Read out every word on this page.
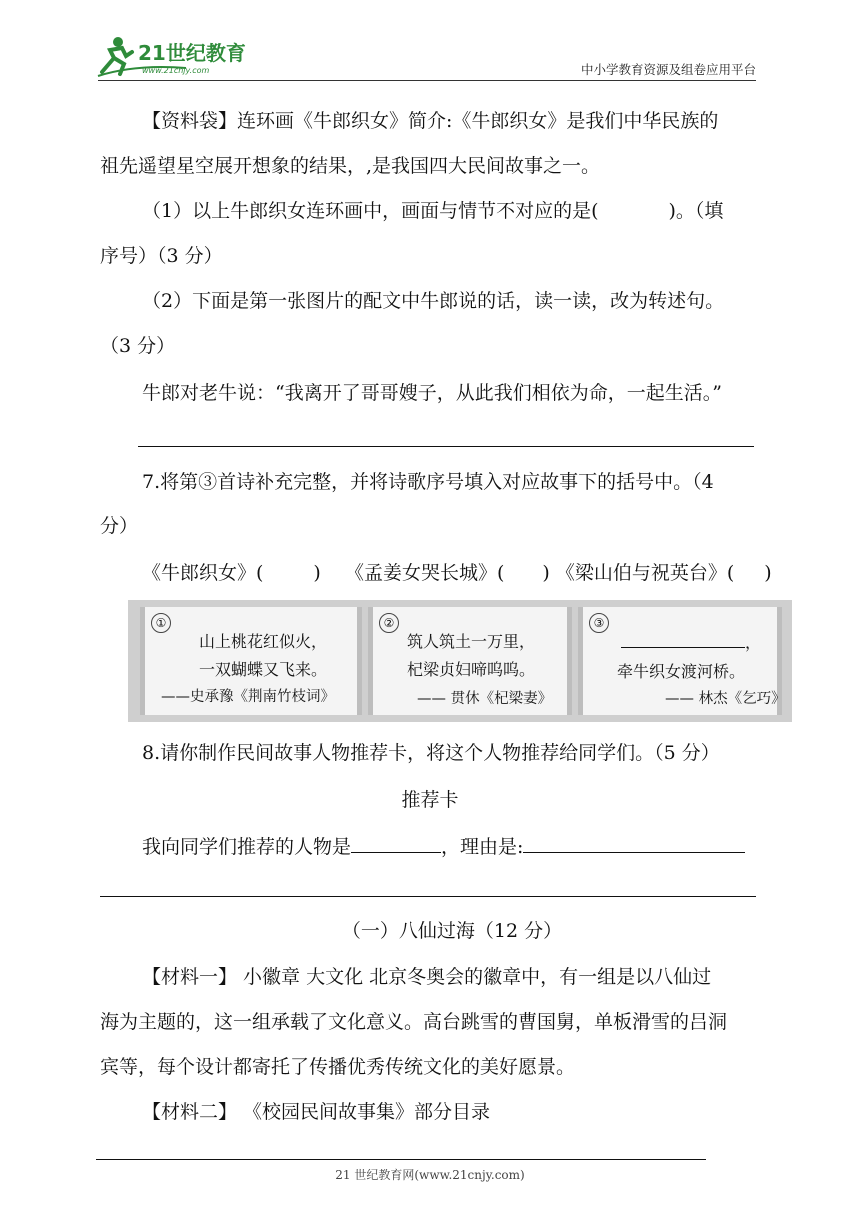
21世纪教育
www.21cnjy.com	中小学教育资源及组卷应用平台
【资料袋】连环画《牛郎织女》简介:《牛郎织女》是我们中华民族的
祖先遥望星空展开想象的结果，,是我国四大民间故事之一。
（1）以上牛郎织女连环画中，画面与情节不对应的是(	)。（填
序号）（3 分）
（2）下面是第一张图片的配文中牛郎说的话，读一读，改为转述句。
（3 分）
牛郎对老牛说：“我离开了哥哥嫂子，从此我们相依为命，一起生活。”
7.将第③首诗补充完整，并将诗歌序号填入对应故事下的括号中。（4
分）
《牛郎织女》(	) 《孟姜女哭长城》( ) 《梁山伯与祝英台》( )
①
山上桃花红似火，
一双蝴蝶又飞来。
——史承豫《荆南竹枝词》
②
筑人筑土一万里，
杞梁贞妇啼呜呜。
—— 贯休《杞梁妻》
③
，
牵牛织女渡河桥。
—— 林杰《乞巧》
8.请你制作民间故事人物推荐卡，将这个人物推荐给同学们。（5 分）
推荐卡
我向同学们推荐的人物是	，理由是:
（一）八仙过海（12 分）
【材料一】 小徽章 大文化 北京冬奥会的徽章中，有一组是以八仙过
海为主题的，这一组承载了文化意义。高台跳雪的曹国舅，单板滑雪的吕洞
宾等，每个设计都寄托了传播优秀传统文化的美好愿景。
【材料二】 《校园民间故事集》部分目录
21 世纪教育网(www.21cnjy.com)
